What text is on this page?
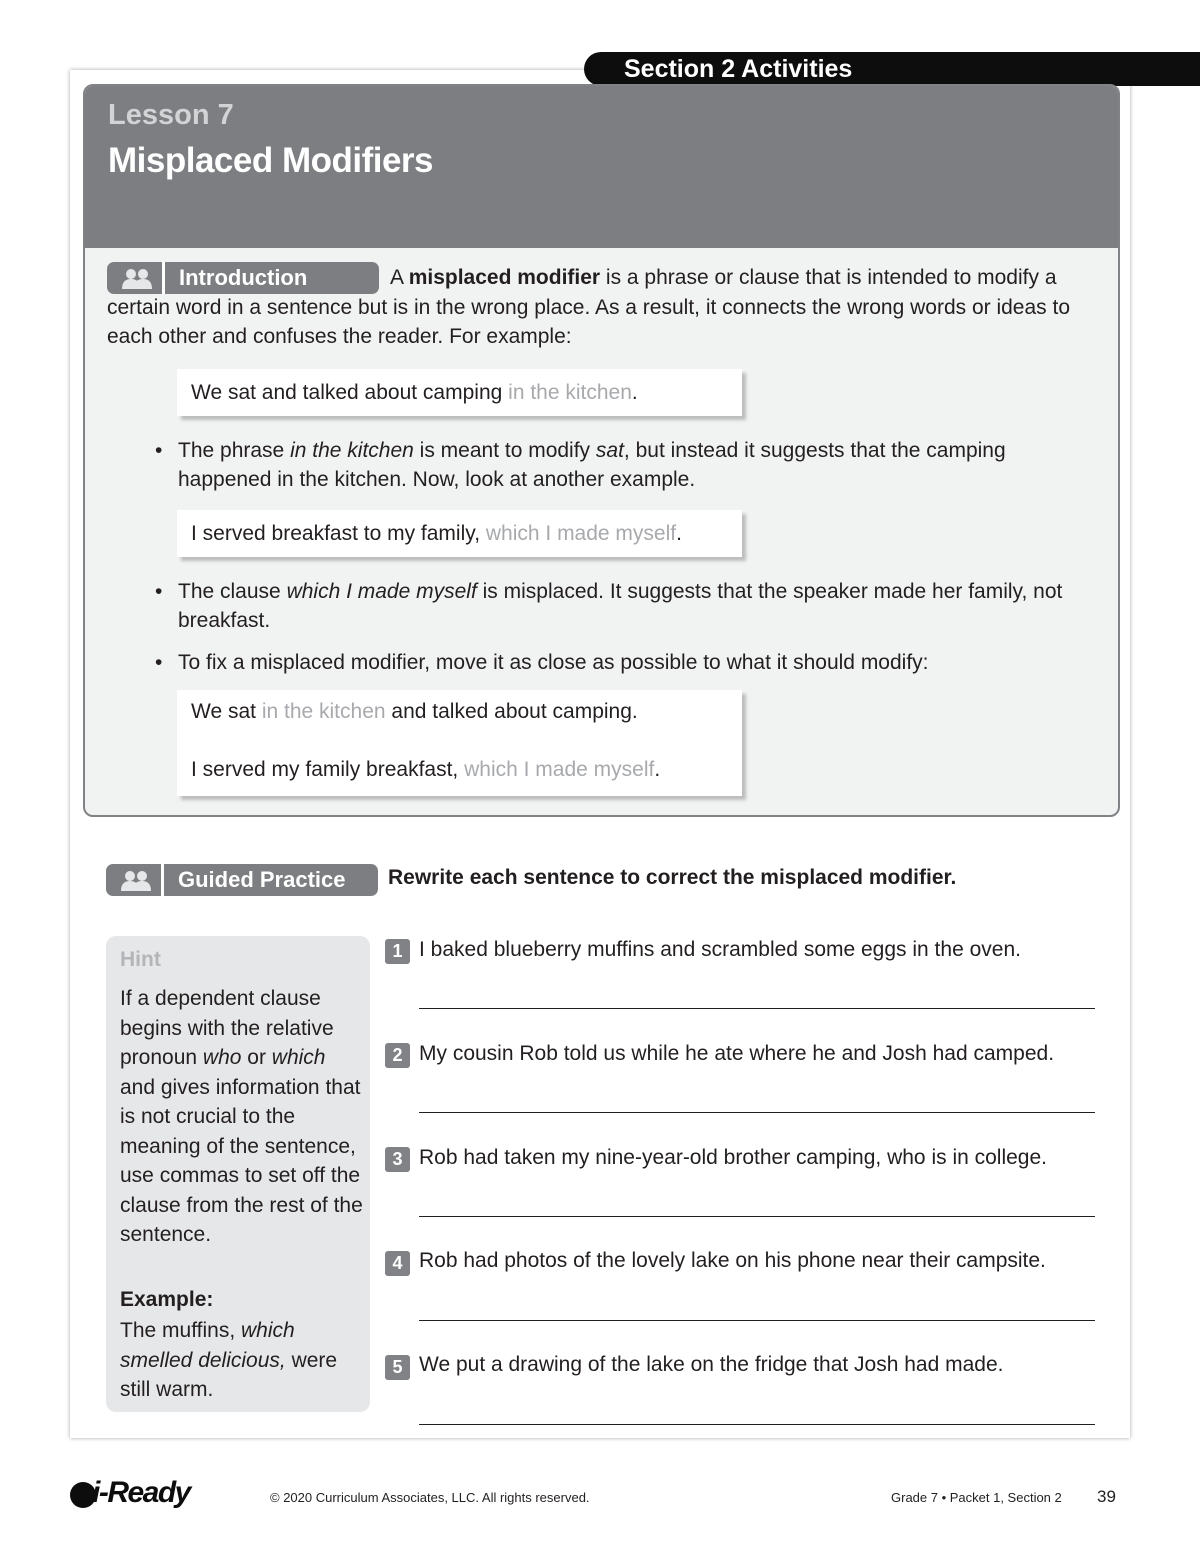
Section 2 Activities
Lesson 7
Misplaced Modifiers
Introduction	A misplaced modifier is a phrase or clause that is intended to modify a certain word in a sentence but is in the wrong place. As a result, it connects the wrong words or ideas to each other and confuses the reader. For example:

We sat and talked about camping in the kitchen.
• The phrase in the kitchen is meant to modify sat, but instead it suggests that the camping happened in the kitchen. Now, look at another example.
I served breakfast to my family, which I made myself.
• The clause which I made myself is misplaced. It suggests that the speaker made her family, not breakfast.
• To fix a misplaced modifier, move it as close as possible to what it should modify:
We sat in the kitchen and talked about camping.
I served my family breakfast, which I made myself.
Guided Practice Rewrite each sentence to correct the misplaced modifier.
Hint

If a dependent clause begins with the relative pronoun who or which and gives information that is not crucial to the meaning of the sentence, use commas to set off the clause from the rest of the sentence.

Example:

The muffins, which smelled delicious, were still warm.

1 I baked blueberry muffins and scrambled some eggs in the oven.
2 My cousin Rob told us while he ate where he and Josh had camped.
3 Rob had taken my nine-year-old brother camping, who is in college.
4 Rob had photos of the lovely lake on his phone near their campsite.
5 We put a drawing of the lake on the fridge that Josh had made.
i-Ready	© 2020 Curriculum Associates, LLC. All rights reserved.	Grade 7 • Packet 1, Section 2 39
